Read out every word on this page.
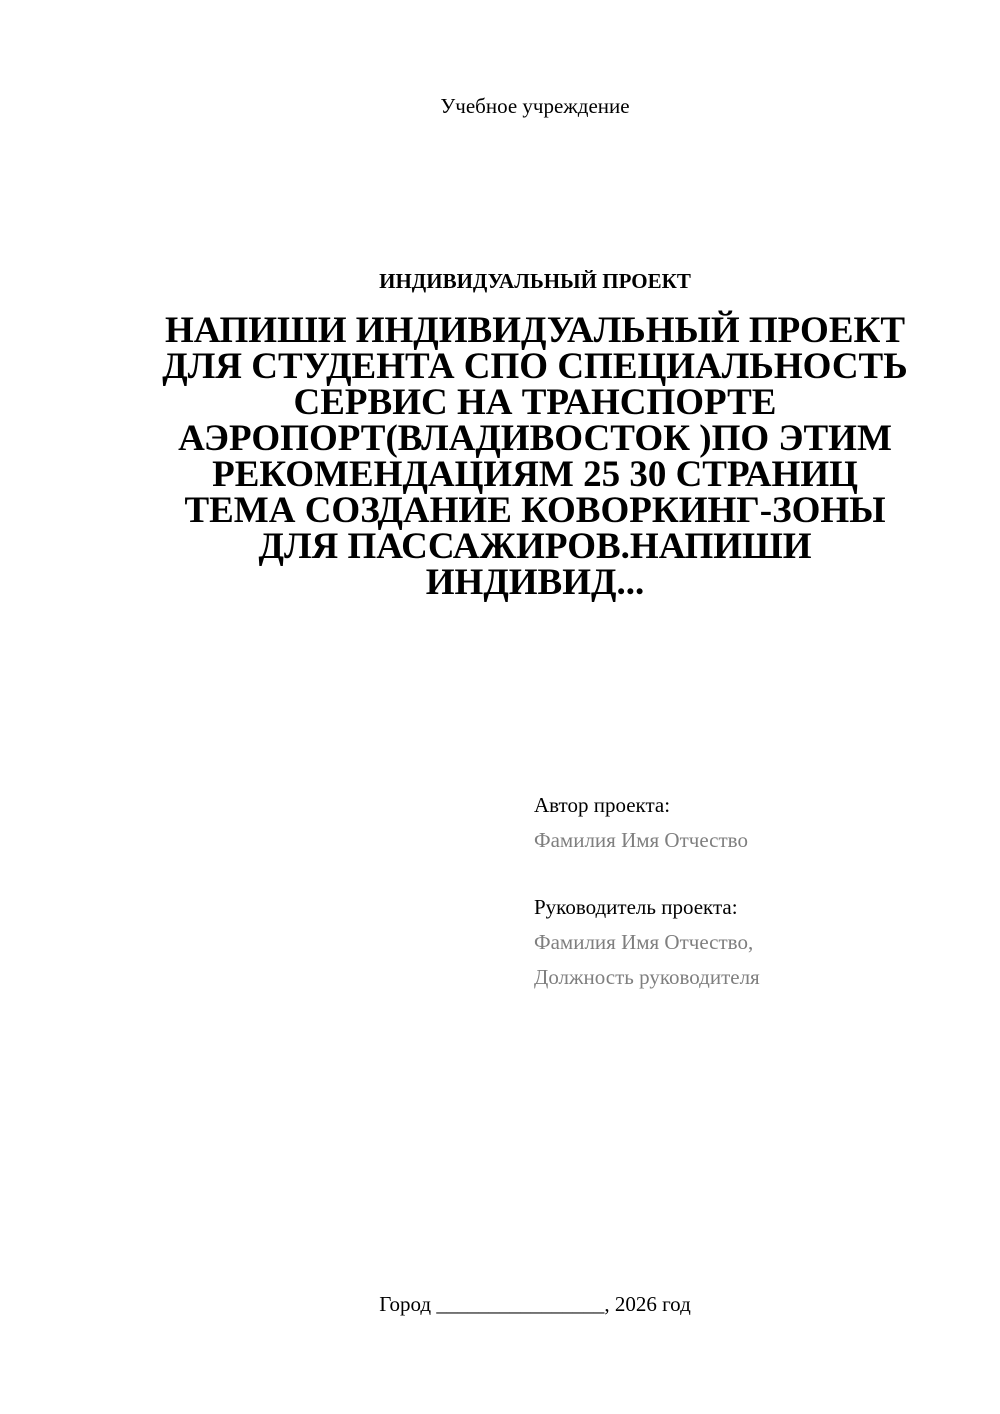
Учебное учреждение
ИНДИВИДУАЛЬНЫЙ ПРОЕКТ
НАПИШИ ИНДИВИДУАЛЬНЫЙ ПРОЕКТ ДЛЯ СТУДЕНТА СПО СПЕЦИАЛЬНОСТЬ СЕРВИС НА ТРАНСПОРТЕ АЭРОПОРТ(ВЛАДИВОСТОК )ПО ЭТИМ РЕКОМЕНДАЦИЯМ 25 30 СТРАНИЦ ТЕМА СОЗДАНИЕ КОВОРКИНГ-ЗОНЫ ДЛЯ ПАССАЖИРОВ.НАПИШИ ИНДИВИД...
Автор проекта:
Фамилия Имя Отчество
Руководитель проекта:
Фамилия Имя Отчество,
Должность руководителя
Город ________________, 2026 год
